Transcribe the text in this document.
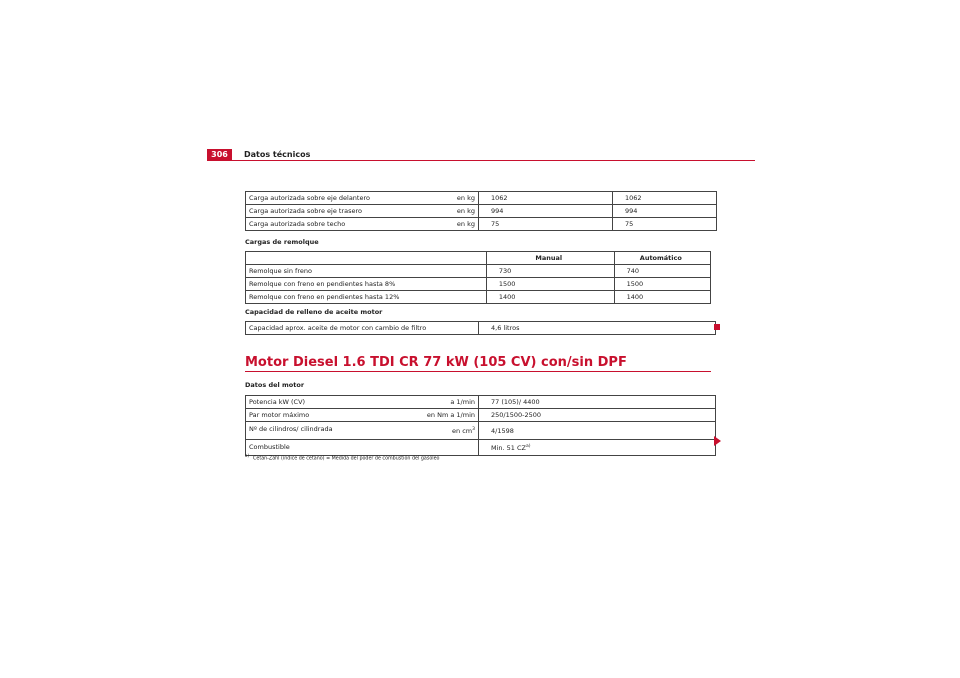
306	Datos técnicos
Carga autorizada sobre eje delantero en kg	1062	1062
Carga autorizada sobre eje trasero en kg	994	994
Carga autorizada sobre techo en kg	75	75
Cargas de remolque
	Manual	Automático
Remolque sin freno	730	740
Remolque con freno en pendientes hasta 8%	1500	1500
Remolque con freno en pendientes hasta 12%	1400	1400
Capacidad de relleno de aceite motor
Capacidad aprox. aceite de motor con cambio de filtro	4,6 litros	
Motor Diesel 1.6 TDI CR 77 kW (105 CV) con/sin DPF
Datos del motor
Potencia kW (CV) a 1/min	77 (105)/ 4400	
Par motor máximo en Nm a 1/min	250/1500-2500	
Nº de cilindros/ cilindrada en $cm^3$	4/1598	
Combustible	Min. 51 CZ$^{a)}$	
$^{a)}$Cetan-Zahl (índice de cetano) = Medida del poder de combustión del gasóleo
